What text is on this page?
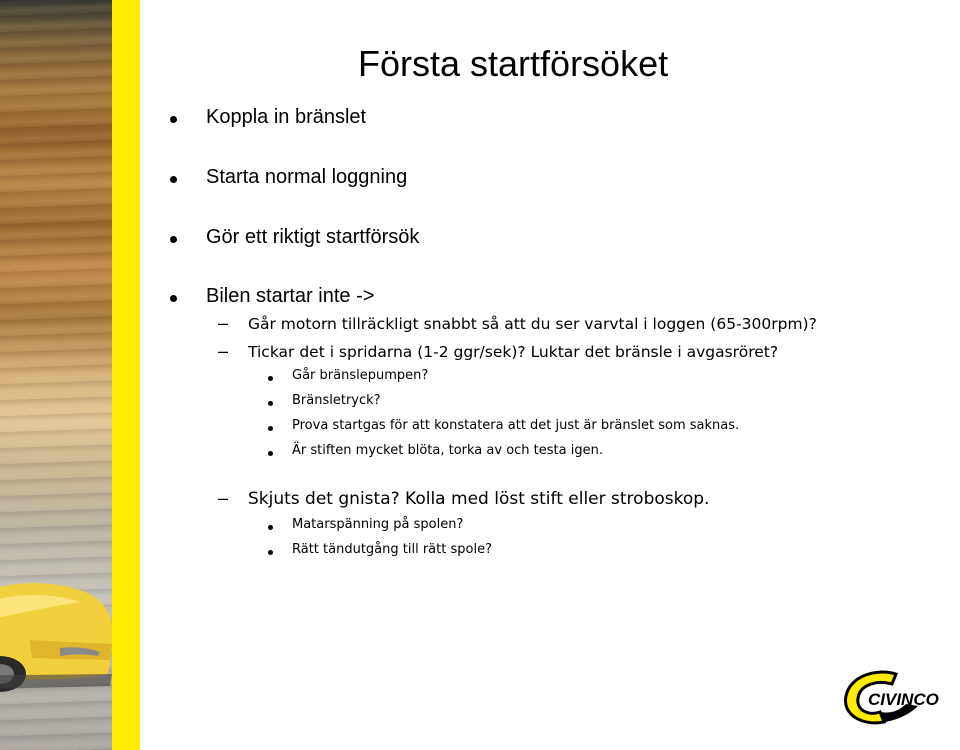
Första startförsöket
Koppla in bränslet
Starta normal loggning
Gör ett riktigt startförsök
Bilen startar inte ->
– Går motorn tillräckligt snabbt så att du ser varvtal i loggen (65-300rpm)?
– Tickar det i spridarna (1-2 ggr/sek)? Luktar det bränsle i avgasröret?
Går bränslepumpen?
Bränsletryck?
Prova startgas för att konstatera att det just är bränslet som saknas.
Är stiften mycket blöta, torka av och testa igen.
– Skjuts det gnista? Kolla med löst stift eller stroboskop.
Matarspänning på spolen?
Rätt tändutgång till rätt spole?
CIVINCO
